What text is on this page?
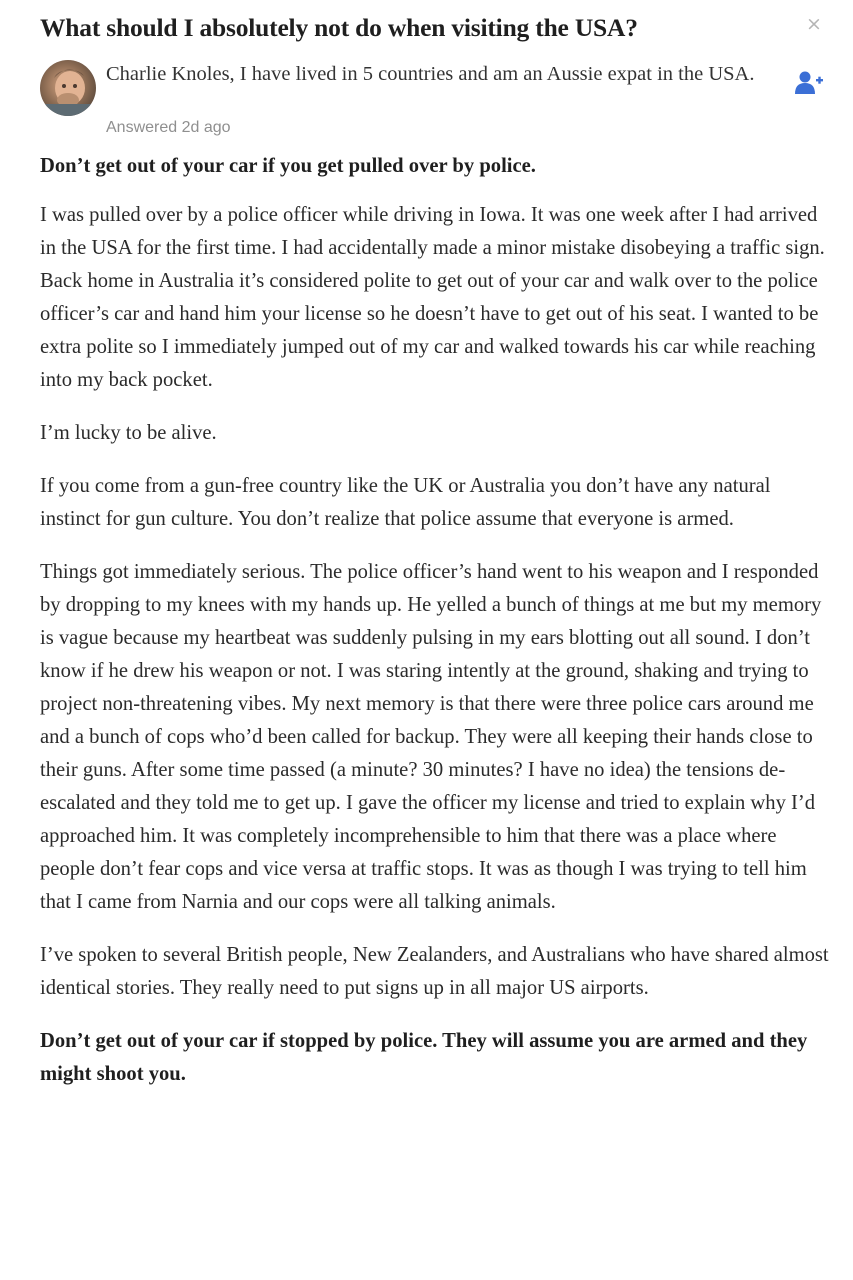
What should I absolutely not do when visiting the USA?	×
Charlie Knoles, I have lived in 5 countries and am an Aussie expat in the USA.
Answered 2d ago

Don’t get out of your car if you get pulled over by police.

I was pulled over by a police officer while driving in Iowa. It was one week after I had arrived in the USA for the first time. I had accidentally made a minor mistake disobeying a traffic sign. Back home in Australia it’s considered polite to get out of your car and walk over to the police officer’s car and hand him your license so he doesn’t have to get out of his seat. I wanted to be extra polite so I immediately jumped out of my car and walked towards his car while reaching into my back pocket.

I’m lucky to be alive.

If you come from a gun-free country like the UK or Australia you don’t have any natural instinct for gun culture. You don’t realize that police assume that everyone is armed.

Things got immediately serious. The police officer’s hand went to his weapon and I responded by dropping to my knees with my hands up. He yelled a bunch of things at me but my memory is vague because my heartbeat was suddenly pulsing in my ears blotting out all sound. I don’t know if he drew his weapon or not. I was staring intently at the ground, shaking and trying to project non-threatening vibes. My next memory is that there were three police cars around me and a bunch of cops who’d been called for backup. They were all keeping their hands close to their guns. After some time passed (a minute? 30 minutes? I have no idea) the tensions de-escalated and they told me to get up. I gave the officer my license and tried to explain why I’d approached him. It was completely incomprehensible to him that there was a place where people don’t fear cops and vice versa at traffic stops. It was as though I was trying to tell him that I came from Narnia and our cops were all talking animals.

I’ve spoken to several British people, New Zealanders, and Australians who have shared almost identical stories. They really need to put signs up in all major US airports.

Don’t get out of your car if stopped by police. They will assume you are armed and they might shoot you.
